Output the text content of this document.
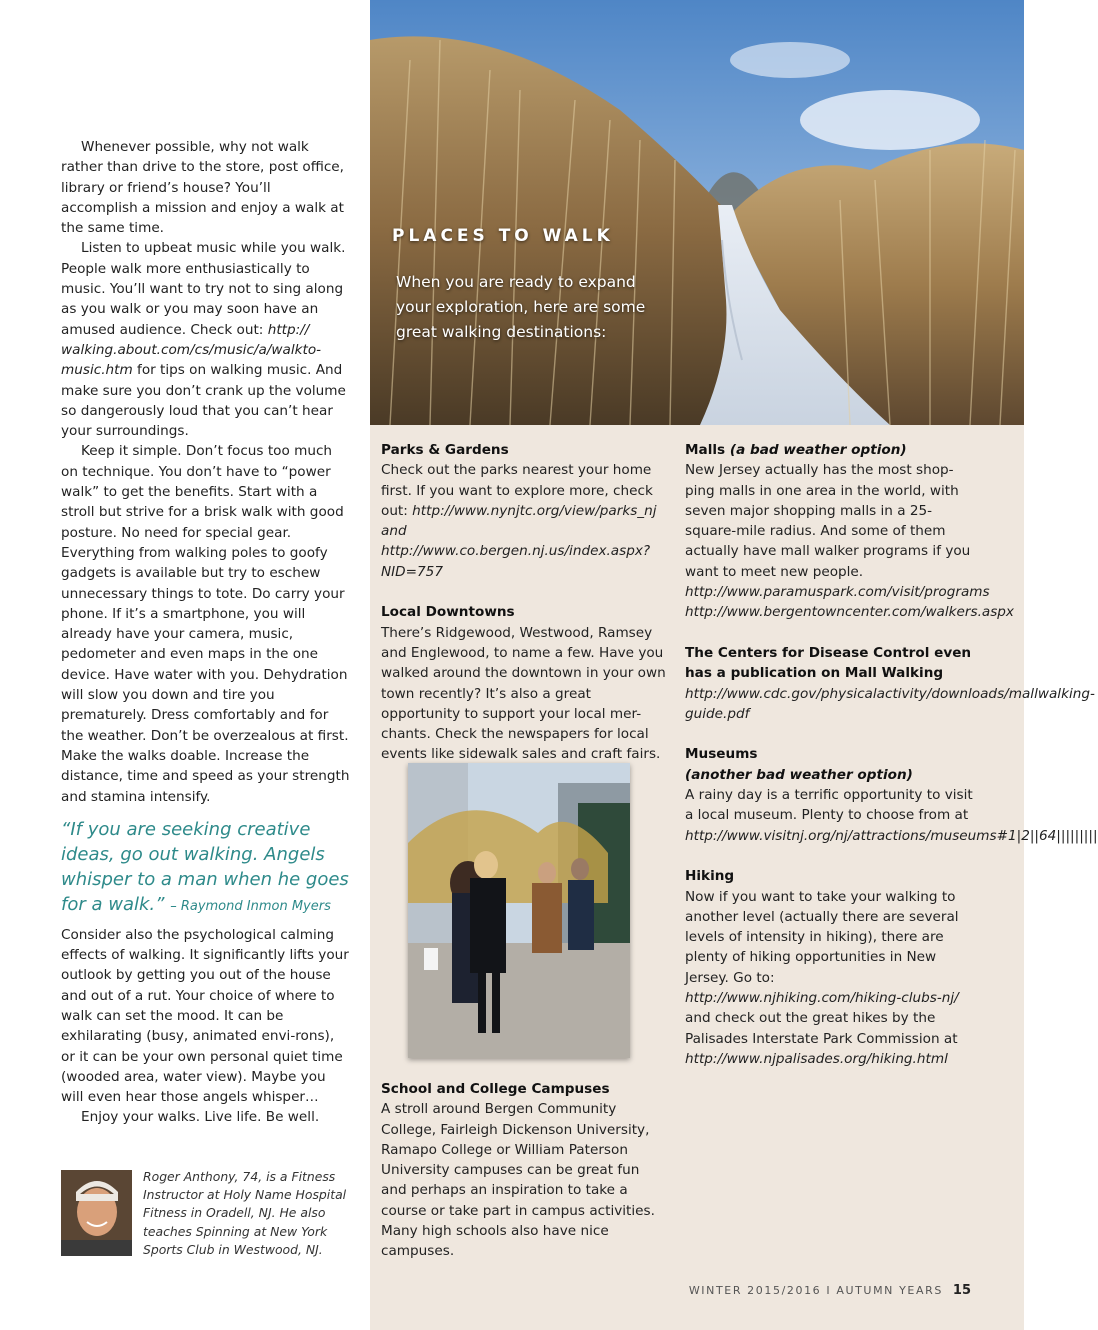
PLACES TO WALK
When you are ready to expand your exploration, here are some great walking destinations:

Whenever possible, why not walk rather than drive to the store, post office, library or friend’s house? You’ll accomplish a mission and enjoy a walk at the same time.

Listen to upbeat music while you walk. People walk more enthusiastically to music. You’ll want to try not to sing along as you walk or you may soon have an amused audience. Check out: http:// walking.about.com/cs/music/a/walkto-music.htm for tips on walking music. And make sure you don’t crank up the volume so dangerously loud that you can’t hear your surroundings.

Keep it simple. Don’t focus too much on technique. You don’t have to “power walk” to get the benefits. Start with a stroll but strive for a brisk walk with good posture. No need for special gear. Everything from walking poles to goofy gadgets is available but try to eschew unnecessary things to tote. Do carry your phone. If it’s a smartphone, you will already have your camera, music, pedometer and even maps in the one device. Have water with you. Dehydration will slow you down and tire you prematurely. Dress comfortably and for the weather. Don’t be overzealous at first. Make the walks doable. Increase the distance, time and speed as your strength and stamina intensify.

“If you are seeking creative ideas, go out walking. Angels whisper to a man when he goes for a walk.” – Raymond Inmon Myers

Consider also the psychological calming effects of walking. It significantly lifts your outlook by getting you out of the house and out of a rut. Your choice of where to walk can set the mood. It can be exhilarating (busy, animated envi-rons), or it can be your own personal quiet time (wooded area, water view). Maybe you will even hear those angels whisper…

Enjoy your walks. Live life. Be well.

Roger Anthony, 74, is a Fitness Instructor at Holy Name Hospital Fitness in Oradell, NJ. He also teaches Spinning at New York Sports Club in Westwood, NJ.
Parks & Gardens

Check out the parks nearest your home first. If you want to explore more, check out: http://www.nynjtc.org/view/parks_nj and http://www.co.bergen.nj.us/index.aspx?NID=757

Local Downtowns

There’s Ridgewood, Westwood, Ramsey and Englewood, to name a few. Have you walked around the downtown in your own town recently? It’s also a great opportunity to support your local mer-chants. Check the newspapers for local events like sidewalk sales and craft fairs.

School and College Campuses

A stroll around Bergen Community College, Fairleigh Dickenson University, Ramapo College or William Paterson University campuses can be great fun and perhaps an inspiration to take a course or take part in campus activities. Many high schools also have nice campuses.

Malls (a bad weather option)

New Jersey actually has the most shop-ping malls in one area in the world, with seven major shopping malls in a 25-square-mile radius. And some of them actually have mall walker programs if you want to meet new people.

http://www.paramuspark.com/visit/programs

http://www.bergentowncenter.com/walkers.aspx

The Centers for Disease Control even has a publication on Mall Walking

http://www.cdc.gov/physicalactivity/downloads/mallwalking-guide.pdf

Museums
(another bad weather option)

A rainy day is a terrific opportunity to visit a local museum. Plenty to choose from at http://www.visitnj.org/nj/attractions/museums#1|2||64|||||||||

Hiking

Now if you want to take your walking to another level (actually there are several levels of intensity in hiking), there are plenty of hiking opportunities in New Jersey. Go to: http://www.njhiking.com/hiking-clubs-nj/ and check out the great hikes by the Palisades Interstate Park Commission at http://www.njpalisades.org/hiking.html

WINTER 2015/2016 I AUTUMN YEARS 15
